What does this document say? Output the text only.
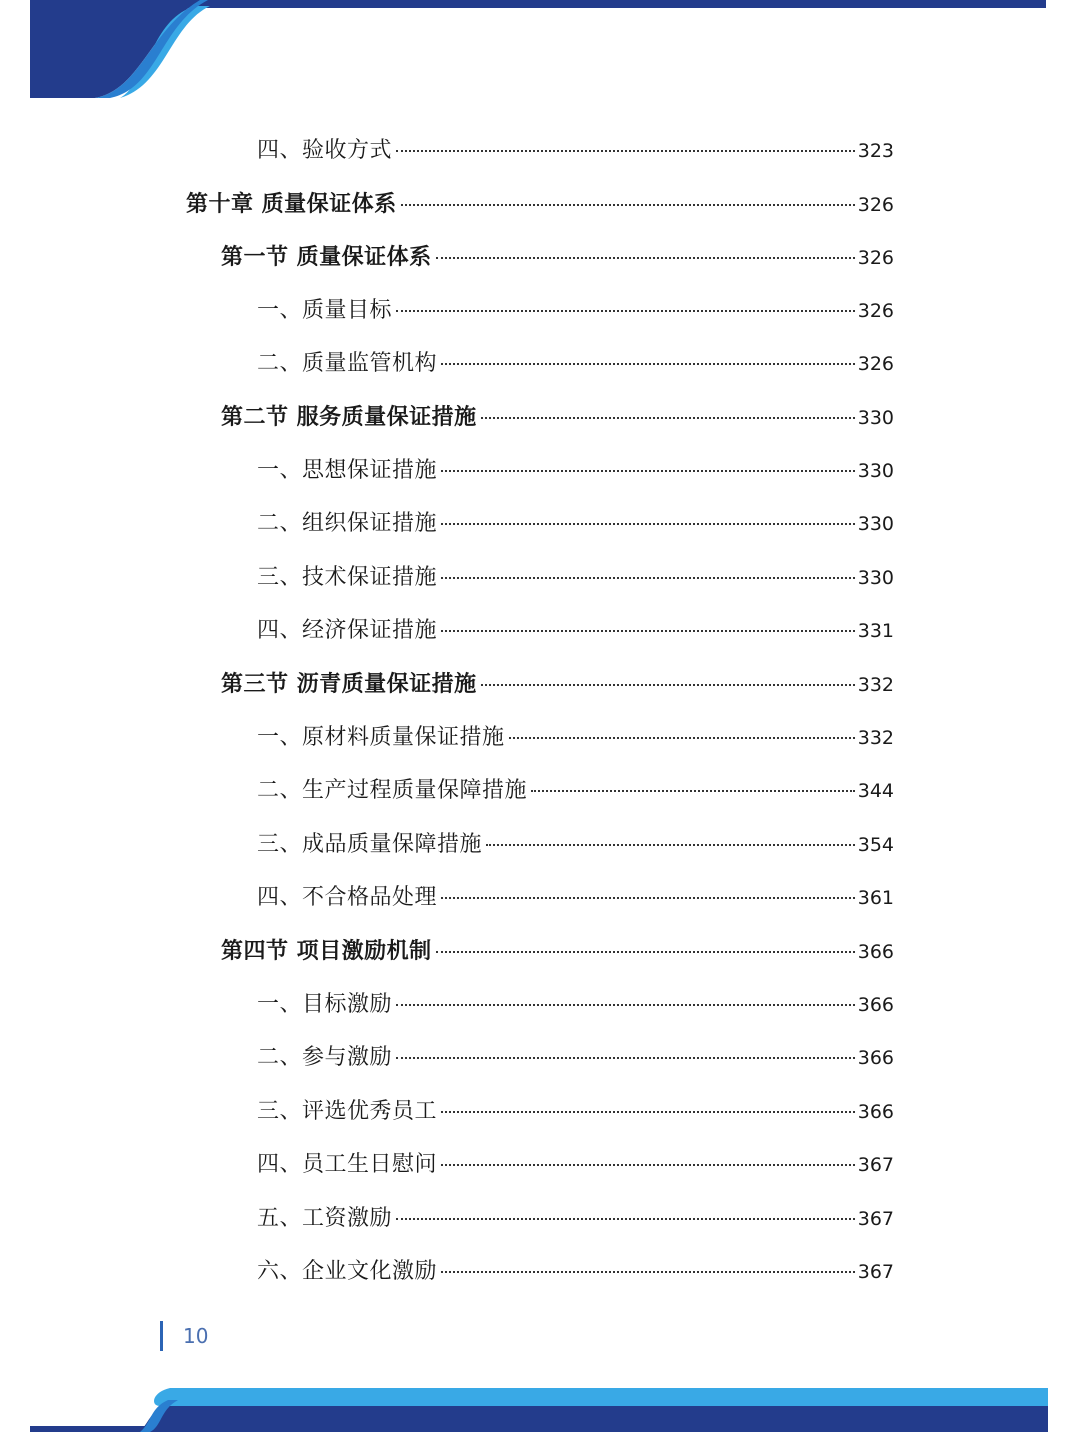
四、验收方式	323
第十章 质量保证体系	326
第一节 质量保证体系	326
一、质量目标	326
二、质量监管机构	326
第二节 服务质量保证措施	330
一、思想保证措施	330
二、组织保证措施	330
三、技术保证措施	330
四、经济保证措施	331
第三节 沥青质量保证措施	332
一、原材料质量保证措施	332
二、生产过程质量保障措施	344
三、成品质量保障措施	354
四、不合格品处理	361
第四节 项目激励机制	366
一、目标激励	366
二、参与激励	366
三、评选优秀员工	366
四、员工生日慰问	367
五、工资激励	367
六、企业文化激励	367
10
